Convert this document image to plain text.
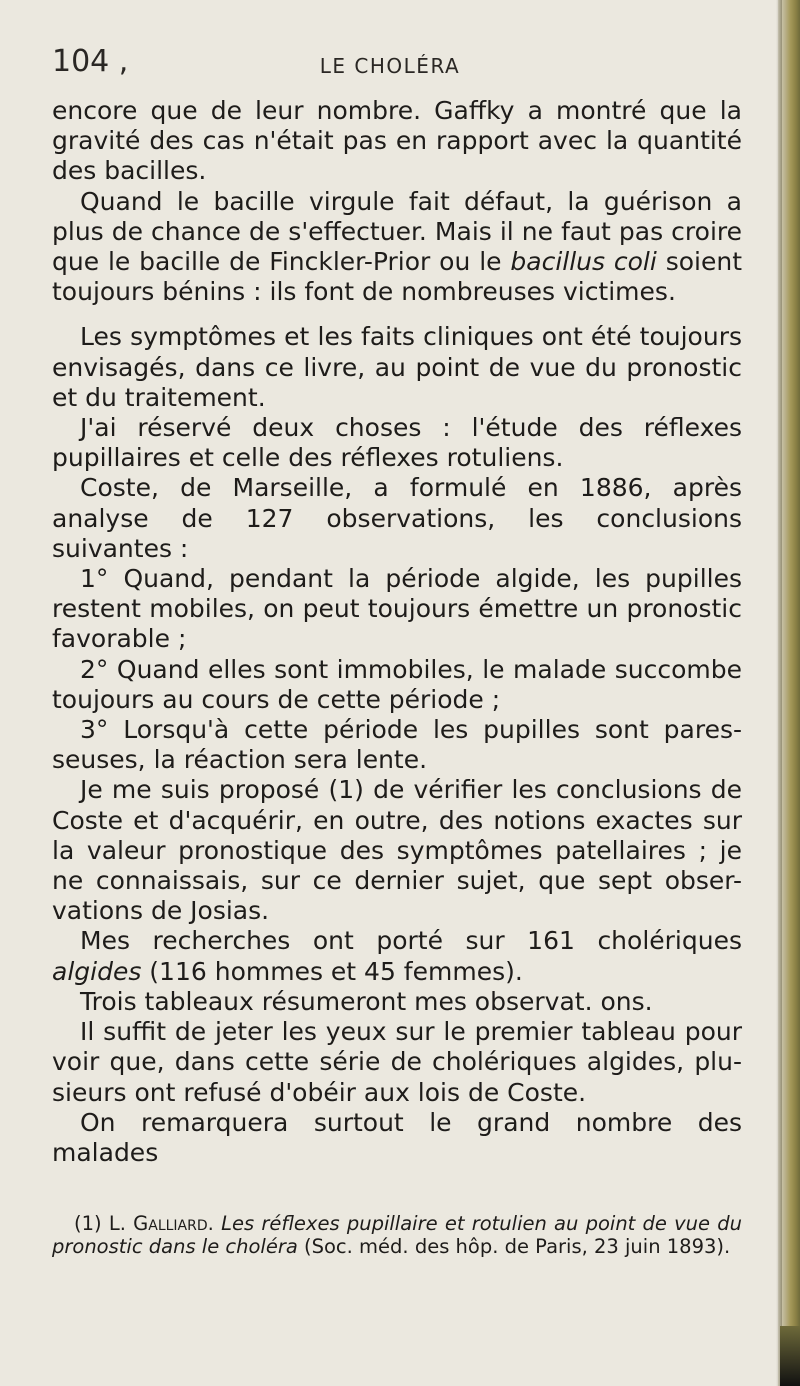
104 ,	LE CHOLÉRA

encore que de leur nombre. Gaffky a montré que la gravité des cas n'était pas en rapport avec la quantité des bacilles.

Quand le bacille virgule fait défaut, la guérison a plus de chance de s'effectuer. Mais il ne faut pas croire que le bacille de Finckler-Prior ou le bacillus coli soient toujours bénins : ils font de nombreuses victimes.

Les symptômes et les faits cliniques ont été toujours envisagés, dans ce livre, au point de vue du pronostic et du traitement.

J'ai réservé deux choses : l'étude des réflexes pupillaires et celle des réflexes rotuliens.

Coste, de Marseille, a formulé en 1886, après analyse de 127 observations, les conclusions suivantes :

1° Quand, pendant la période algide, les pupilles restent mobiles, on peut toujours émettre un pronostic favorable ;

2° Quand elles sont immobiles, le malade succombe toujours au cours de cette période ;

3° Lorsqu'à cette période les pupilles sont pares-seuses, la réaction sera lente.

Je me suis proposé (1) de vérifier les conclusions de Coste et d'acquérir, en outre, des notions exactes sur la valeur pronostique des symptômes patellaires ; je ne connaissais, sur ce dernier sujet, que sept obser-vations de Josias.

Mes recherches ont porté sur 161 cholériques algides (116 hommes et 45 femmes).

Trois tableaux résumeront mes observat. ons.

Il suffit de jeter les yeux sur le premier tableau pour voir que, dans cette série de cholériques algides, plu-sieurs ont refusé d'obéir aux lois de Coste.

On remarquera surtout le grand nombre des malades

(1) L. Galliard. Les réflexes pupillaire et rotulien au point de vue du pronostic dans le choléra (Soc. méd. des hôp. de Paris, 23 juin 1893).
